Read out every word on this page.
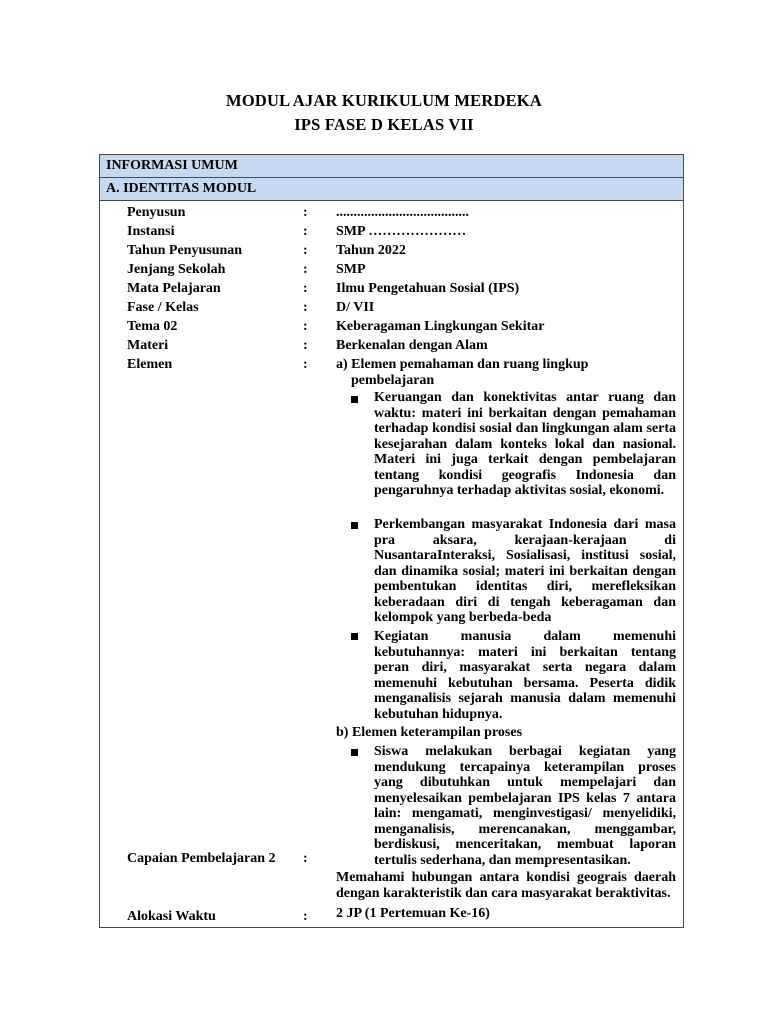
MODUL AJAR KURIKULUM MERDEKA
IPS FASE D KELAS VII
INFORMASI UMUM
A. IDENTITAS MODUL
Penyusun	: ......................................
Instansi	: SMP …………………
Tahun Penyusunan	: Tahun 2022
Jenjang Sekolah	: SMP
Mata Pelajaran	: Ilmu Pengetahuan Sosial (IPS)
Fase / Kelas	: D/ VII
Tema 02	: Keberagaman Lingkungan Sekitar
Materi	: Berkenalan dengan Alam
Elemen	: a) Elemen pemahaman dan ruang lingkup
pembelajaran
Keruangan dan konektivitas antar ruang dan waktu: materi ini berkaitan dengan pemahaman terhadap kondisi sosial dan lingkungan alam serta kesejarahan dalam konteks lokal dan nasional. Materi ini juga terkait dengan pembelajaran tentang kondisi geografis Indonesia dan pengaruhnya terhadap aktivitas sosial, ekonomi.
Perkembangan masyarakat Indonesia dari masa pra aksara, kerajaan-kerajaan di NusantaraInteraksi, Sosialisasi, institusi sosial, dan dinamika sosial; materi ini berkaitan dengan pembentukan identitas diri, merefleksikan keberadaan diri di tengah keberagaman dan kelompok yang berbeda-beda
Kegiatan manusia dalam memenuhi kebutuhannya: materi ini berkaitan tentang peran diri, masyarakat serta negara dalam memenuhi kebutuhan bersama. Peserta didik menganalisis sejarah manusia dalam memenuhi kebutuhan hidupnya.
b) Elemen keterampilan proses
Siswa melakukan berbagai kegiatan yang mendukung tercapainya keterampilan proses yang dibutuhkan untuk mempelajari dan menyelesaikan pembelajaran IPS kelas 7 antara lain: mengamati, menginvestigasi/ menyelidiki, menganalisis, merencanakan, menggambar, berdiskusi, menceritakan, membuat laporan tertulis sederhana, dan mempresentasikan.
Capaian Pembelajaran 2 :
Memahami hubungan antara kondisi geograis daerah dengan karakteristik dan cara masyarakat beraktivitas.
Alokasi Waktu	: 2 JP (1 Pertemuan Ke-16)
